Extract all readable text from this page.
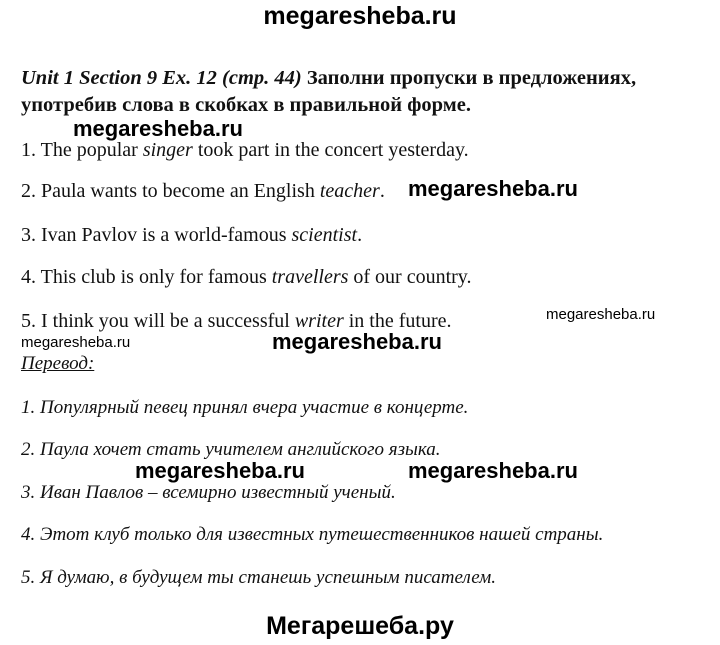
megaresheba.ru
Unit 1 Section 9 Ex. 12 (стр. 44) Заполни пропуски в предложениях,
употребив слова в скобках в правильной форме.
megaresheba.ru
1. The popular singer took part in the concert yesterday.
2. Paula wants to become an English teacher. megaresheba.ru
3. Ivan Pavlov is a world-famous scientist.
4. This club is only for famous travellers of our country.
megaresheba.ru
5. I think you will be a successful writer in the future.
megaresheba.ru	megaresheba.ru
Перевод:
1. Популярный певец принял вчера участие в концерте.
2. Паула хочет стать учителем английского языка.
megaresheba.ru	megaresheba.ru
3. Иван Павлов – всемирно известный ученый.
4. Этот клуб только для известных путешественников нашей страны.
5. Я думаю, в будущем ты станешь успешным писателем.
Мегарешеба.ру
